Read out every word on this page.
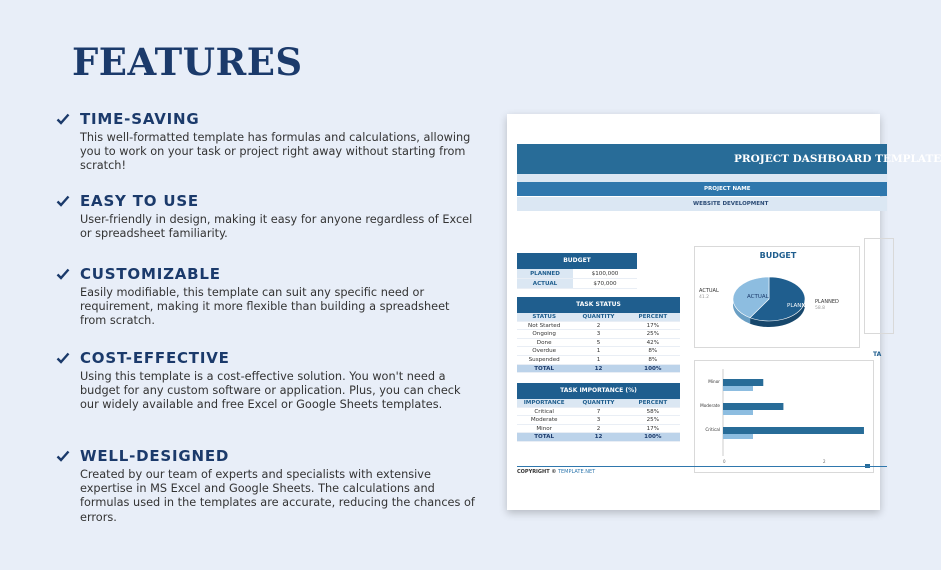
FEATURES
TIME-SAVING
This well-formatted template has formulas and calculations, allowing you to work on your task or project right away without starting from scratch!
EASY TO USE
User-friendly in design, making it easy for anyone regardless of Excel or spreadsheet familiarity.
CUSTOMIZABLE
Easily modifiable, this template can suit any specific need or requirement, making it more flexible than building a spreadsheet from scratch.
COST-EFFECTIVE
Using this template is a cost-effective solution. You won't need a budget for any custom software or application. Plus, you can check our widely available and free Excel or Google Sheets templates.
WELL-DESIGNED
Created by our team of experts and specialists with extensive expertise in MS Excel and Google Sheets. The calculations and formulas used in the templates are accurate, reducing the chances of errors.
PROJECT DASHBOARD TEMPLATE
PROJECT NAME
WEBSITE DEVELOPMENT
BUDGET
PLANNED	$100,000
ACTUAL	$70,000
TASK STATUS
STATUS	QUANTITY	PERCENT
Not Started	2	17%
Ongoing	3	25%
Done	5	42%
Overdue	1	8%
Suspended	1	8%
TOTAL	12	100%
TASK IMPORTANCE (%)
IMPORTANCE	QUANTITY	PERCENT
Critical	7	58%
Moderate	3	25%
Minor	2	17%
TOTAL	12	100%
BUDGET
PLANNED
ACTUAL
PLANNED
58.8
ACTUAL
41.2
TA
Minor
Moderate
Critical
0	2
COPYRIGHT © TEMPLATE.NET
